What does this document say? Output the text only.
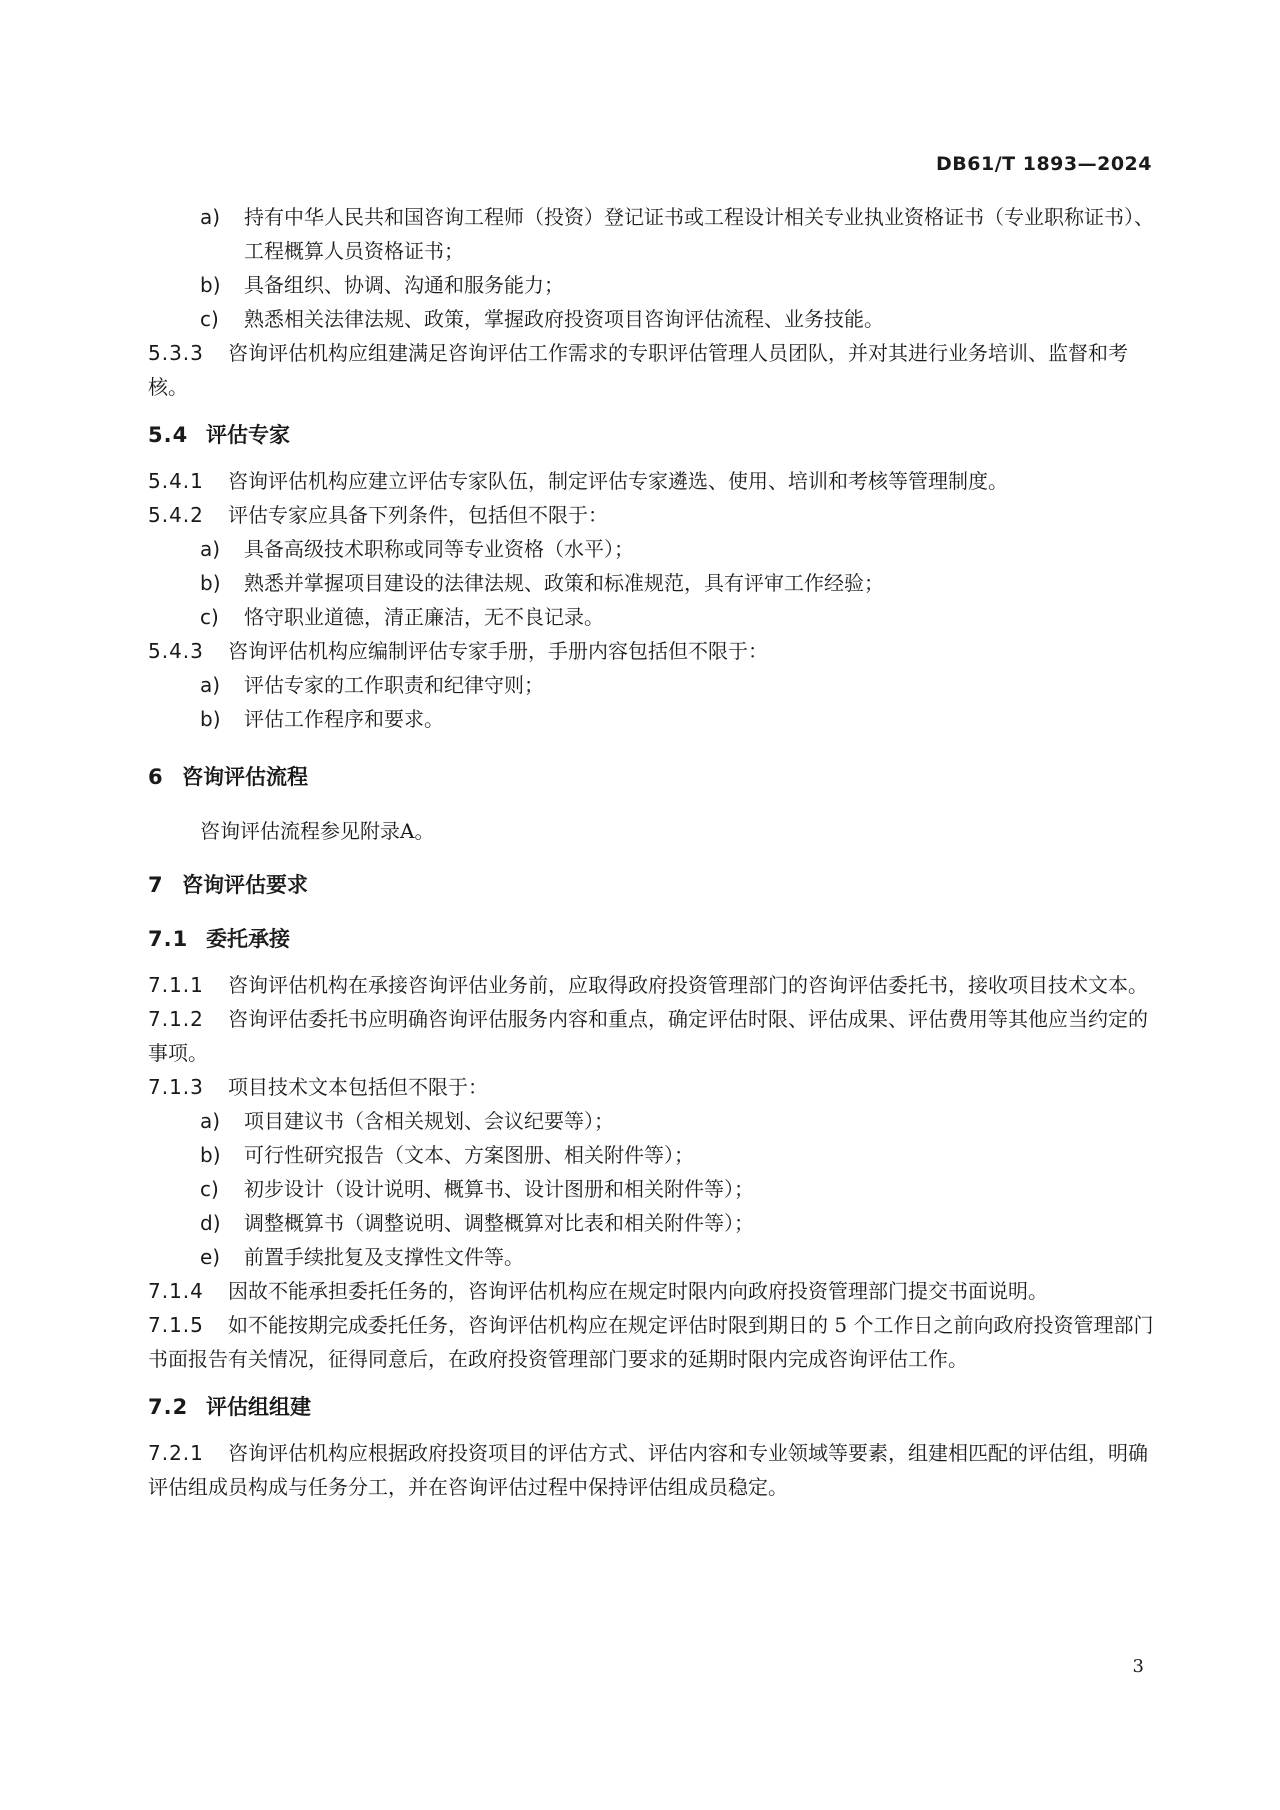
DB61/T 1893—2024
a)	持有中华人民共和国咨询工程师（投资）登记证书或工程设计相关专业执业资格证书（专业职称证书）、工程概算人员资格证书；
b)	具备组织、协调、沟通和服务能力；
c)	熟悉相关法律法规、政策，掌握政府投资项目咨询评估流程、业务技能。
5.3.3 咨询评估机构应组建满足咨询评估工作需求的专职评估管理人员团队，并对其进行业务培训、监督和考核。
5.4 评估专家
5.4.1 咨询评估机构应建立评估专家队伍，制定评估专家遴选、使用、培训和考核等管理制度。
5.4.2 评估专家应具备下列条件，包括但不限于：
a)	具备高级技术职称或同等专业资格（水平）；
b)	熟悉并掌握项目建设的法律法规、政策和标准规范，具有评审工作经验；
c)	恪守职业道德，清正廉洁，无不良记录。
5.4.3 咨询评估机构应编制评估专家手册，手册内容包括但不限于：
a)	评估专家的工作职责和纪律守则；
b)	评估工作程序和要求。
6 咨询评估流程
咨询评估流程参见附录A。
7 咨询评估要求
7.1 委托承接
7.1.1 咨询评估机构在承接咨询评估业务前，应取得政府投资管理部门的咨询评估委托书，接收项目技术文本。
7.1.2 咨询评估委托书应明确咨询评估服务内容和重点，确定评估时限、评估成果、评估费用等其他应当约定的事项。
7.1.3 项目技术文本包括但不限于：
a)	项目建议书（含相关规划、会议纪要等）；
b)	可行性研究报告（文本、方案图册、相关附件等）；
c)	初步设计（设计说明、概算书、设计图册和相关附件等）；
d)	调整概算书（调整说明、调整概算对比表和相关附件等）；
e)	前置手续批复及支撑性文件等。
7.1.4 因故不能承担委托任务的，咨询评估机构应在规定时限内向政府投资管理部门提交书面说明。
7.1.5 如不能按期完成委托任务，咨询评估机构应在规定评估时限到期日的 5 个工作日之前向政府投资管理部门书面报告有关情况，征得同意后，在政府投资管理部门要求的延期时限内完成咨询评估工作。
7.2 评估组组建
7.2.1 咨询评估机构应根据政府投资项目的评估方式、评估内容和专业领域等要素，组建相匹配的评估组，明确评估组成员构成与任务分工，并在咨询评估过程中保持评估组成员稳定。
3
